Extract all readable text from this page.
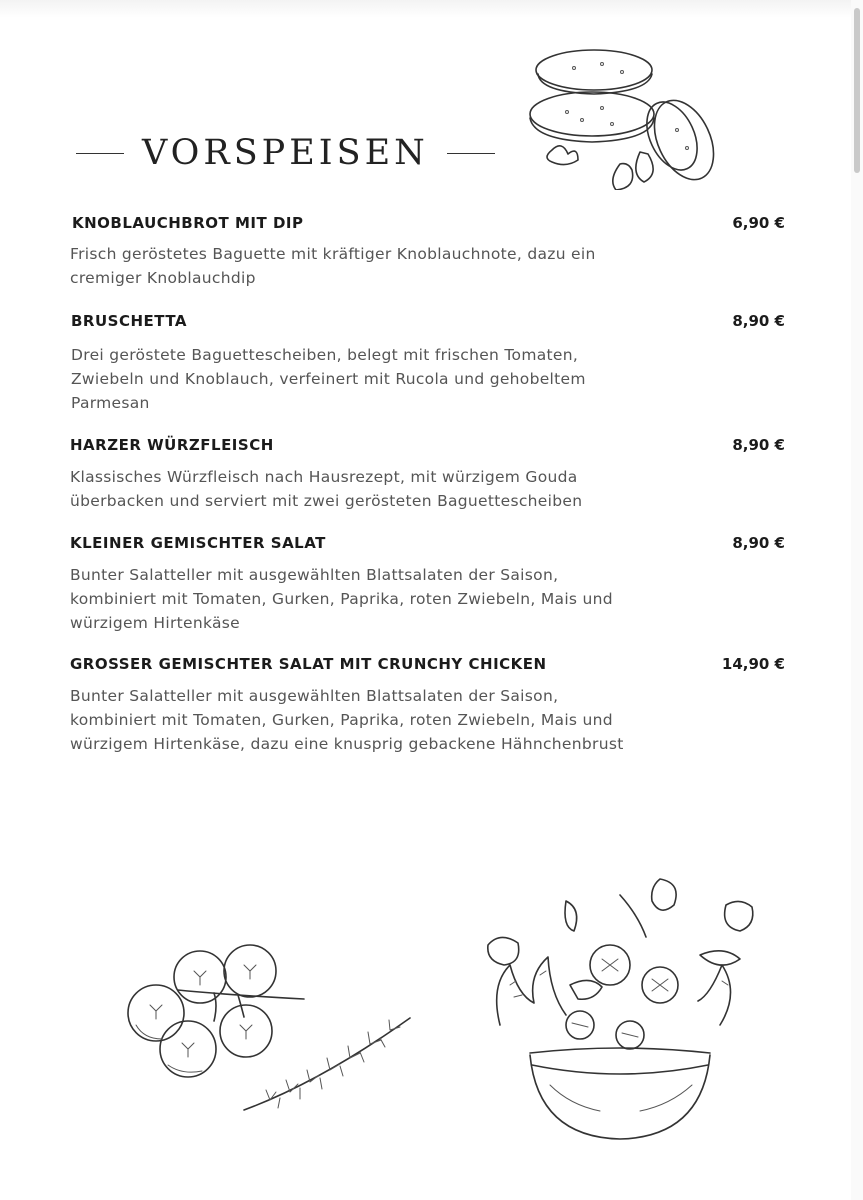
VORSPEISEN
KNOBLAUCHBROT MIT DIP	6,90 €
Frisch geröstetes Baguette mit kräftiger Knoblauchnote, dazu ein cremiger Knoblauchdip
BRUSCHETTA	8,90 €
Drei geröstete Baguettescheiben, belegt mit frischen Tomaten, Zwiebeln und Knoblauch, verfeinert mit Rucola und gehobeltem Parmesan
HARZER WÜRZFLEISCH	8,90 €
Klassisches Würzfleisch nach Hausrezept, mit würzigem Gouda überbacken und serviert mit zwei gerösteten Baguettescheiben
KLEINER GEMISCHTER SALAT	8,90 €
Bunter Salatteller mit ausgewählten Blattsalaten der Saison, kombiniert mit Tomaten, Gurken, Paprika, roten Zwiebeln, Mais und würzigem Hirtenkäse
GROSSER GEMISCHTER SALAT MIT CRUNCHY CHICKEN	14,90 €
Bunter Salatteller mit ausgewählten Blattsalaten der Saison, kombiniert mit Tomaten, Gurken, Paprika, roten Zwiebeln, Mais und würzigem Hirtenkäse, dazu eine knusprig gebackene Hähnchenbrust
